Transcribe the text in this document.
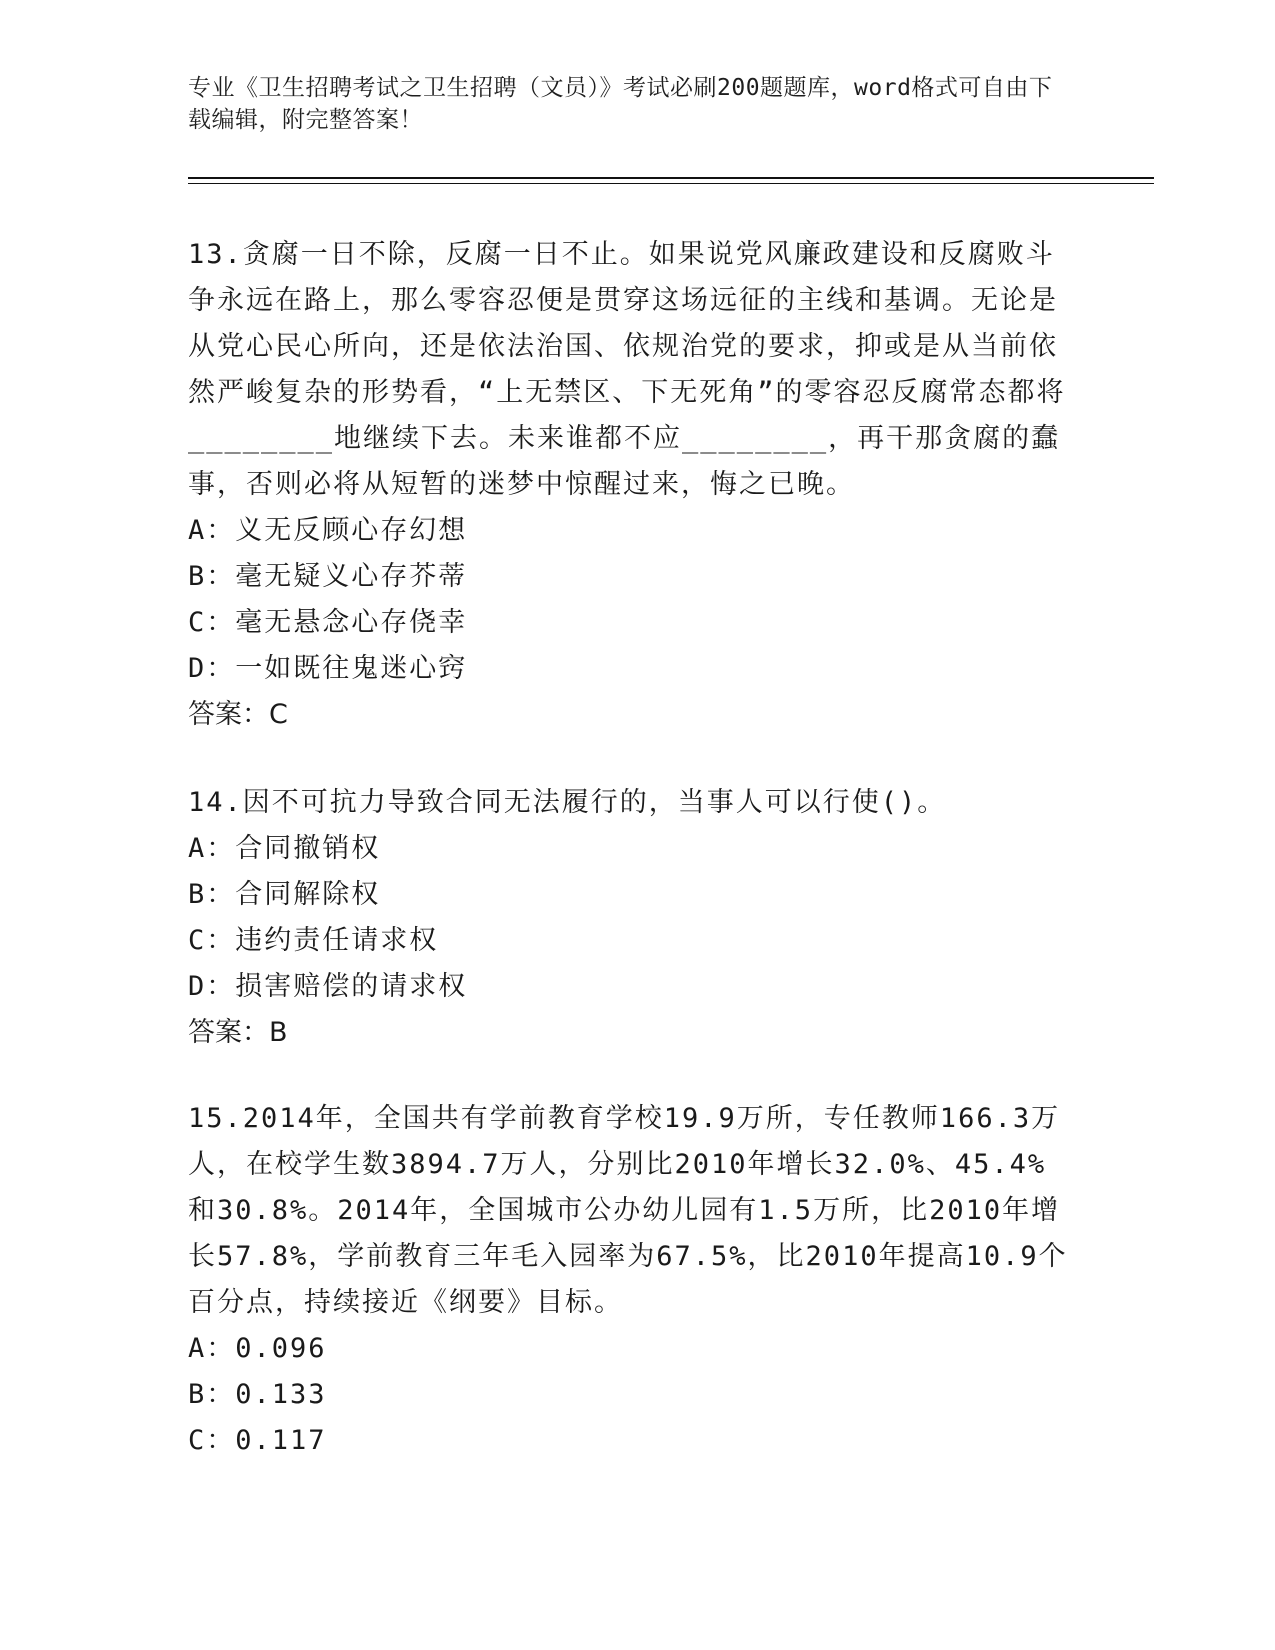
专业《卫生招聘考试之卫生招聘（文员）》考试必刷200题题库，word格式可自由下载编辑，附完整答案！

13.贪腐一日不除，反腐一日不止。如果说党风廉政建设和反腐败斗争永远在路上，那么零容忍便是贯穿这场远征的主线和基调。无论是从党心民心所向，还是依法治国、依规治党的要求，抑或是从当前依然严峻复杂的形势看，“上无禁区、下无死角”的零容忍反腐常态都将________地继续下去。未来谁都不应________，再干那贪腐的蠢事，否则必将从短暂的迷梦中惊醒过来，悔之已晚。

A：义无反顾心存幻想
B：毫无疑义心存芥蒂
C：毫无悬念心存侥幸
D：一如既往鬼迷心窍
答案：C

14.因不可抗力导致合同无法履行的，当事人可以行使()。

A：合同撤销权
B：合同解除权
C：违约责任请求权
D：损害赔偿的请求权
答案：B

15.2014年，全国共有学前教育学校19.9万所，专任教师166.3万人，在校学生数3894.7万人，分别比2010年增长32.0%、45.4%和30.8%。2014年，全国城市公办幼儿园有1.5万所，比2010年增长57.8%，学前教育三年毛入园率为67.5%，比2010年提高10.9个百分点，持续接近《纲要》目标。

A：0.096
B：0.133
C：0.117
